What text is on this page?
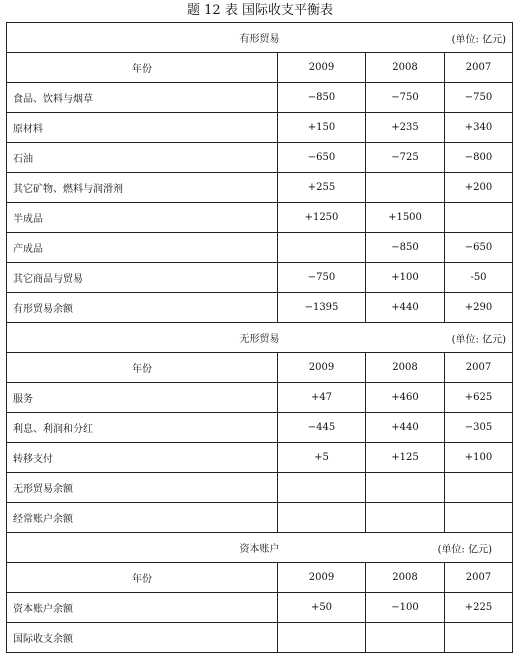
题 12 表 国际收支平衡表
有形贸易 (单位: 亿元)			

年份	2009	2008	2007
食品、饮料与烟草	−850	−750	−750
原材料	+150	+235	+340
石油	−650	−725	−800
其它矿物、燃料与润滑剂	+255		+200
半成品	+1250	+1500	
产成品		−850	−650
其它商品与贸易	−750	+100	-50
有形贸易余额	−1395	+440	+290
无形贸易 (单位: 亿元)			

年份	2009	2008	2007
服务	+47	+460	+625
利息、利润和分红	−445	+440	−305
转移支付	+5	+125	+100
无形贸易余额			
经常账户余额			
资本账户 (单位: 亿元)			

年份	2009	2008	2007
资本账户余额	+50	−100	+225
国际收支余额			
